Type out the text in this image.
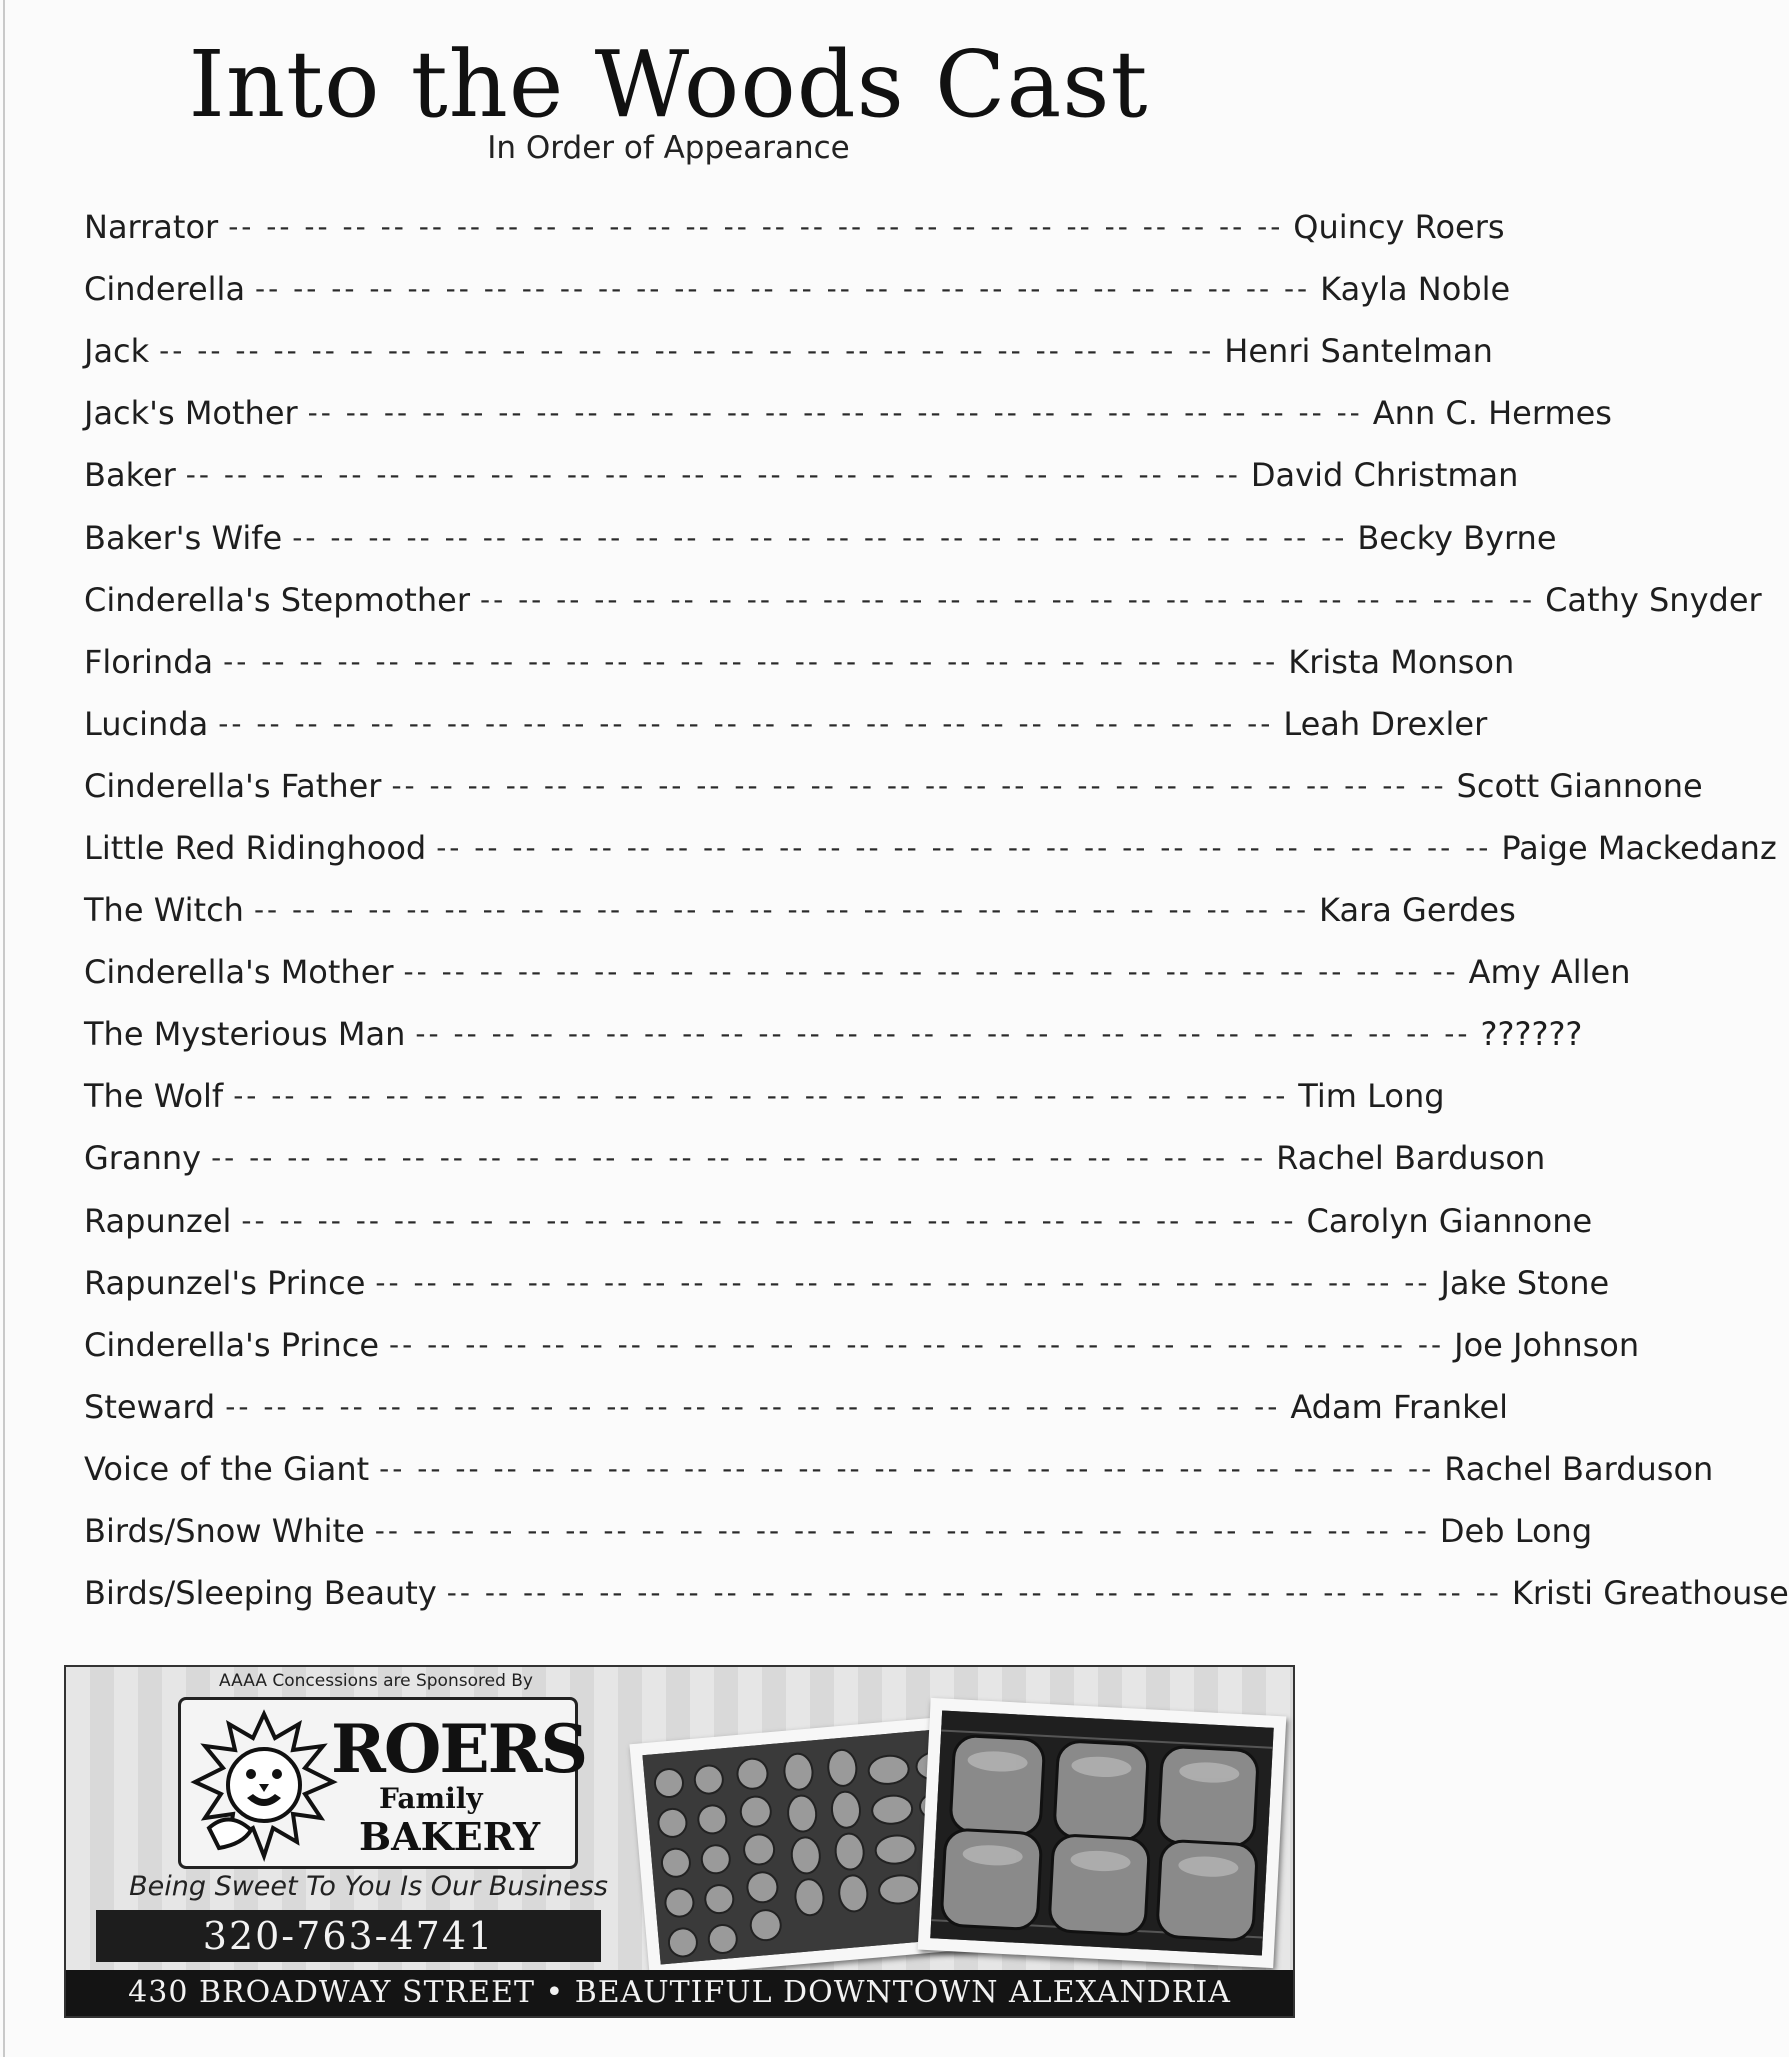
Into the Woods Cast
In Order of Appearance
Narrator -- -- -- -- -- -- -- -- -- -- -- -- -- -- -- -- -- -- -- -- -- -- -- -- -- -- -- -- Quincy Roers
Cinderella -- -- -- -- -- -- -- -- -- -- -- -- -- -- -- -- -- -- -- -- -- -- -- -- -- -- -- -- Kayla Noble
Jack -- -- -- -- -- -- -- -- -- -- -- -- -- -- -- -- -- -- -- -- -- -- -- -- -- -- -- -- Henri Santelman
Jack's Mother -- -- -- -- -- -- -- -- -- -- -- -- -- -- -- -- -- -- -- -- -- -- -- -- -- -- -- -- Ann C. Hermes
Baker -- -- -- -- -- -- -- -- -- -- -- -- -- -- -- -- -- -- -- -- -- -- -- -- -- -- -- -- David Christman
Baker's Wife -- -- -- -- -- -- -- -- -- -- -- -- -- -- -- -- -- -- -- -- -- -- -- -- -- -- -- -- Becky Byrne
Cinderella's Stepmother -- -- -- -- -- -- -- -- -- -- -- -- -- -- -- -- -- -- -- -- -- -- -- -- -- -- -- -- Cathy Snyder
Florinda -- -- -- -- -- -- -- -- -- -- -- -- -- -- -- -- -- -- -- -- -- -- -- -- -- -- -- -- Krista Monson
Lucinda -- -- -- -- -- -- -- -- -- -- -- -- -- -- -- -- -- -- -- -- -- -- -- -- -- -- -- -- Leah Drexler
Cinderella's Father -- -- -- -- -- -- -- -- -- -- -- -- -- -- -- -- -- -- -- -- -- -- -- -- -- -- -- -- Scott Giannone
Little Red Ridinghood -- -- -- -- -- -- -- -- -- -- -- -- -- -- -- -- -- -- -- -- -- -- -- -- -- -- -- -- Paige Mackedanz
The Witch -- -- -- -- -- -- -- -- -- -- -- -- -- -- -- -- -- -- -- -- -- -- -- -- -- -- -- -- Kara Gerdes
Cinderella's Mother -- -- -- -- -- -- -- -- -- -- -- -- -- -- -- -- -- -- -- -- -- -- -- -- -- -- -- -- Amy Allen
The Mysterious Man -- -- -- -- -- -- -- -- -- -- -- -- -- -- -- -- -- -- -- -- -- -- -- -- -- -- -- -- ??????
The Wolf -- -- -- -- -- -- -- -- -- -- -- -- -- -- -- -- -- -- -- -- -- -- -- -- -- -- -- -- Tim Long
Granny -- -- -- -- -- -- -- -- -- -- -- -- -- -- -- -- -- -- -- -- -- -- -- -- -- -- -- -- Rachel Barduson
Rapunzel -- -- -- -- -- -- -- -- -- -- -- -- -- -- -- -- -- -- -- -- -- -- -- -- -- -- -- -- Carolyn Giannone
Rapunzel's Prince -- -- -- -- -- -- -- -- -- -- -- -- -- -- -- -- -- -- -- -- -- -- -- -- -- -- -- -- Jake Stone
Cinderella's Prince -- -- -- -- -- -- -- -- -- -- -- -- -- -- -- -- -- -- -- -- -- -- -- -- -- -- -- -- Joe Johnson
Steward -- -- -- -- -- -- -- -- -- -- -- -- -- -- -- -- -- -- -- -- -- -- -- -- -- -- -- -- Adam Frankel
Voice of the Giant -- -- -- -- -- -- -- -- -- -- -- -- -- -- -- -- -- -- -- -- -- -- -- -- -- -- -- -- Rachel Barduson
Birds/Snow White -- -- -- -- -- -- -- -- -- -- -- -- -- -- -- -- -- -- -- -- -- -- -- -- -- -- -- -- Deb Long
Birds/Sleeping Beauty -- -- -- -- -- -- -- -- -- -- -- -- -- -- -- -- -- -- -- -- -- -- -- -- -- -- -- -- Kristi Greathouse
AAAA Concessions are Sponsored By
ROERS
Family
BAKERY
Being Sweet To You Is Our Business
320-763-4741
430 BROADWAY STREET • BEAUTIFUL DOWNTOWN ALEXANDRIA
